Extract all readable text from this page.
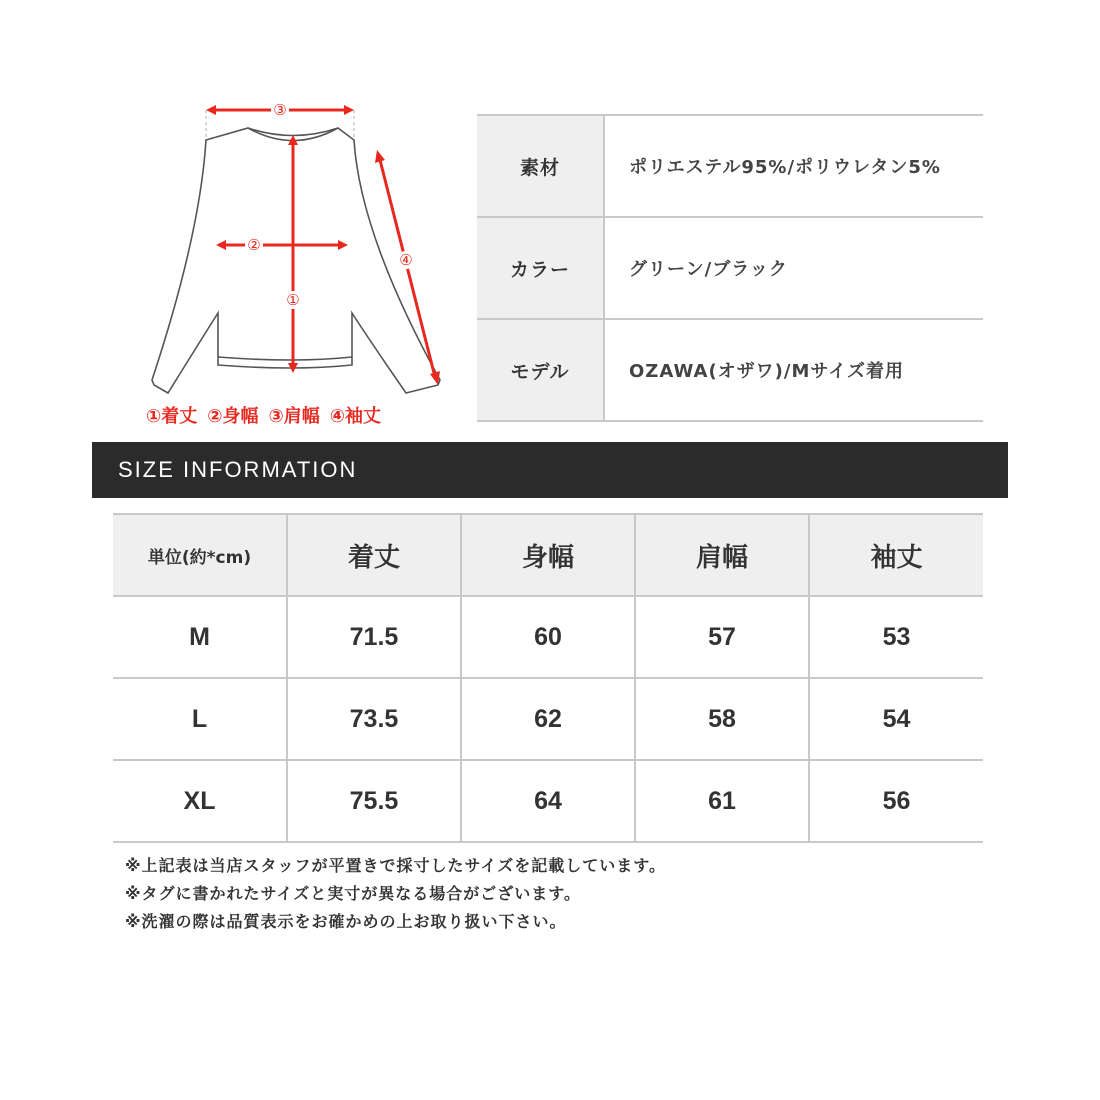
③
②
①
④
①着丈 ②身幅 ③肩幅 ④袖丈
素材	ポリエステル95%/ポリウレタン5%
カラー	グリーン/ブラック
モデル	OZAWA(オザワ)/Mサイズ着用
SIZE INFORMATION
単位(約*cm)	着丈	身幅	肩幅	袖丈
M	71.5	60	57	53
L	73.5	62	58	54
XL	75.5	64	61	56
※上記表は当店スタッフが平置きで採寸したサイズを記載しています。
※タグに書かれたサイズと実寸が異なる場合がございます。
※洗濯の際は品質表示をお確かめの上お取り扱い下さい。
